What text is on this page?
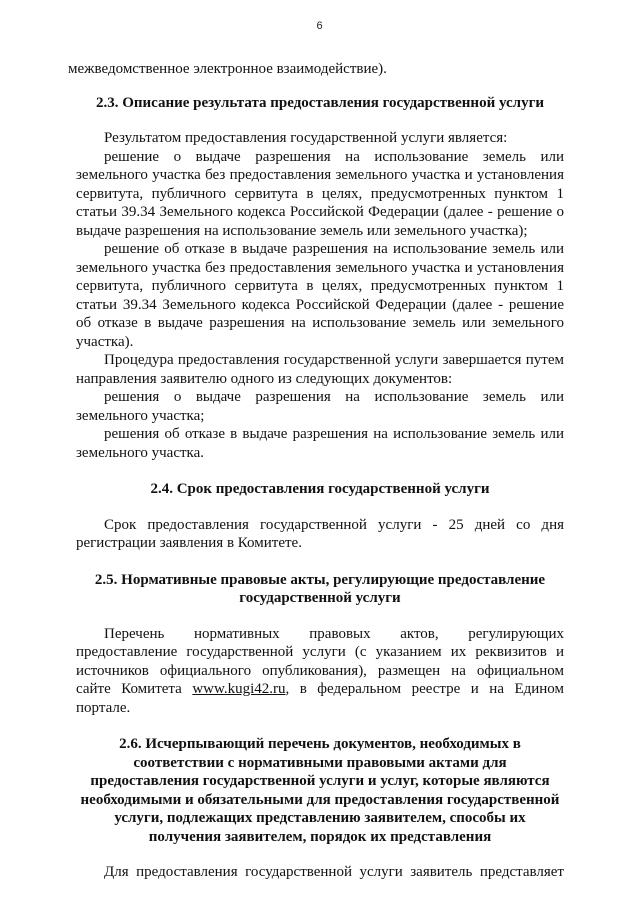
6

межведомственное электронное взаимодействие).

2.3. Описание результата предоставления государственной услуги

Результатом предоставления государственной услуги является:

решение о выдаче разрешения на использование земель или земельного участка без предоставления земельного участка и установления сервитута, публичного сервитута в целях, предусмотренных пунктом 1 статьи 39.34 Земельного кодекса Российской Федерации (далее - решение о выдаче разрешения на использование земель или земельного участка);

решение об отказе в выдаче разрешения на использование земель или земельного участка без предоставления земельного участка и установления сервитута, публичного сервитута в целях, предусмотренных пунктом 1 статьи 39.34 Земельного кодекса Российской Федерации (далее - решение об отказе в выдаче разрешения на использование земель или земельного участка).

Процедура предоставления государственной услуги завершается путем направления заявителю одного из следующих документов:

решения о выдаче разрешения на использование земель или земельного участка;

решения об отказе в выдаче разрешения на использование земель или земельного участка.

2.4. Срок предоставления государственной услуги

Срок предоставления государственной услуги - 25 дней со дня регистрации заявления в Комитете.

2.5. Нормативные правовые акты, регулирующие предоставление
государственной услуги

Перечень нормативных правовых актов, регулирующих предоставление государственной услуги (с указанием их реквизитов и источников официального опубликования), размещен на официальном сайте Комитета www.kugi42.ru, в федеральном реестре и на Едином портале.

2.6. Исчерпывающий перечень документов, необходимых в
соответствии с нормативными правовыми актами для
предоставления государственной услуги и услуг, которые являются
необходимыми и обязательными для предоставления государственной
услуги, подлежащих представлению заявителем, способы их
получения заявителем, порядок их представления

Для предоставления государственной услуги заявитель представляет
